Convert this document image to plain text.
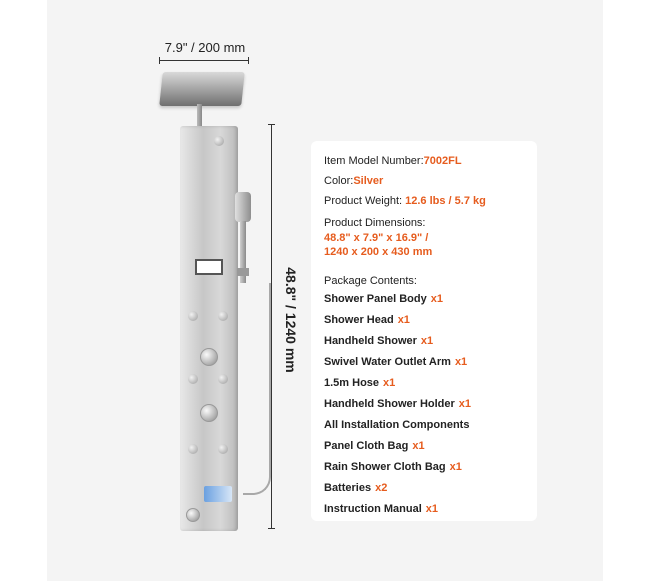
7.9" / 200 mm
48.8" / 1240 mm
Item Model Number:7002FL
Color:Silver
Product Weight: 12.6 lbs / 5.7 kg
Product Dimensions:
48.8" x 7.9" x 16.9" /
1240 x 200 x 430 mm
Package Contents:
Shower Panel Body x1
Shower Head x1
Handheld Shower x1
Swivel Water Outlet Arm x1
1.5m Hose x1
Handheld Shower Holder x1
All Installation Components
Panel Cloth Bag x1
Rain Shower Cloth Bag x1
Batteries x2
Instruction Manual x1
